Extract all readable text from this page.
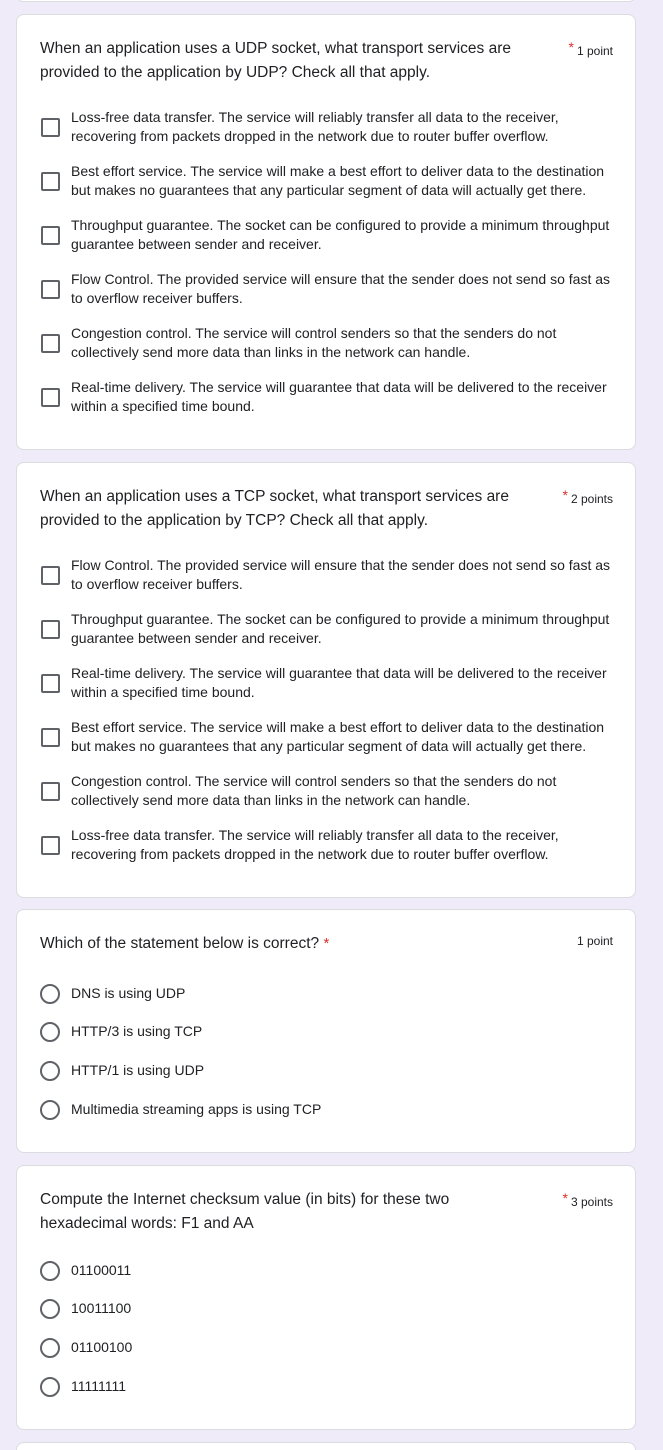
When an application uses a UDP socket, what transport services are provided to the application by UDP? Check all that apply.
* 1 point
Loss-free data transfer. The service will reliably transfer all data to the receiver, recovering from packets dropped in the network due to router buffer overflow.
Best effort service. The service will make a best effort to deliver data to the destination but makes no guarantees that any particular segment of data will actually get there.
Throughput guarantee. The socket can be configured to provide a minimum throughput guarantee between sender and receiver.
Flow Control. The provided service will ensure that the sender does not send so fast as to overflow receiver buffers.
Congestion control. The service will control senders so that the senders do not collectively send more data than links in the network can handle.
Real-time delivery. The service will guarantee that data will be delivered to the receiver within a specified time bound.
When an application uses a TCP socket, what transport services are provided to the application by TCP? Check all that apply.
* 2 points
Flow Control. The provided service will ensure that the sender does not send so fast as to overflow receiver buffers.
Throughput guarantee. The socket can be configured to provide a minimum throughput guarantee between sender and receiver.
Real-time delivery. The service will guarantee that data will be delivered to the receiver within a specified time bound.
Best effort service. The service will make a best effort to deliver data to the destination but makes no guarantees that any particular segment of data will actually get there.
Congestion control. The service will control senders so that the senders do not collectively send more data than links in the network can handle.
Loss-free data transfer. The service will reliably transfer all data to the receiver, recovering from packets dropped in the network due to router buffer overflow.
Which of the statement below is correct? *	1 point
DNS is using UDP
HTTP/3 is using TCP
HTTP/1 is using UDP
Multimedia streaming apps is using TCP
Compute the Internet checksum value (in bits) for these two hexadecimal words: F1 and AA
* 3 points
01100011
10011100
01100100
11111111
